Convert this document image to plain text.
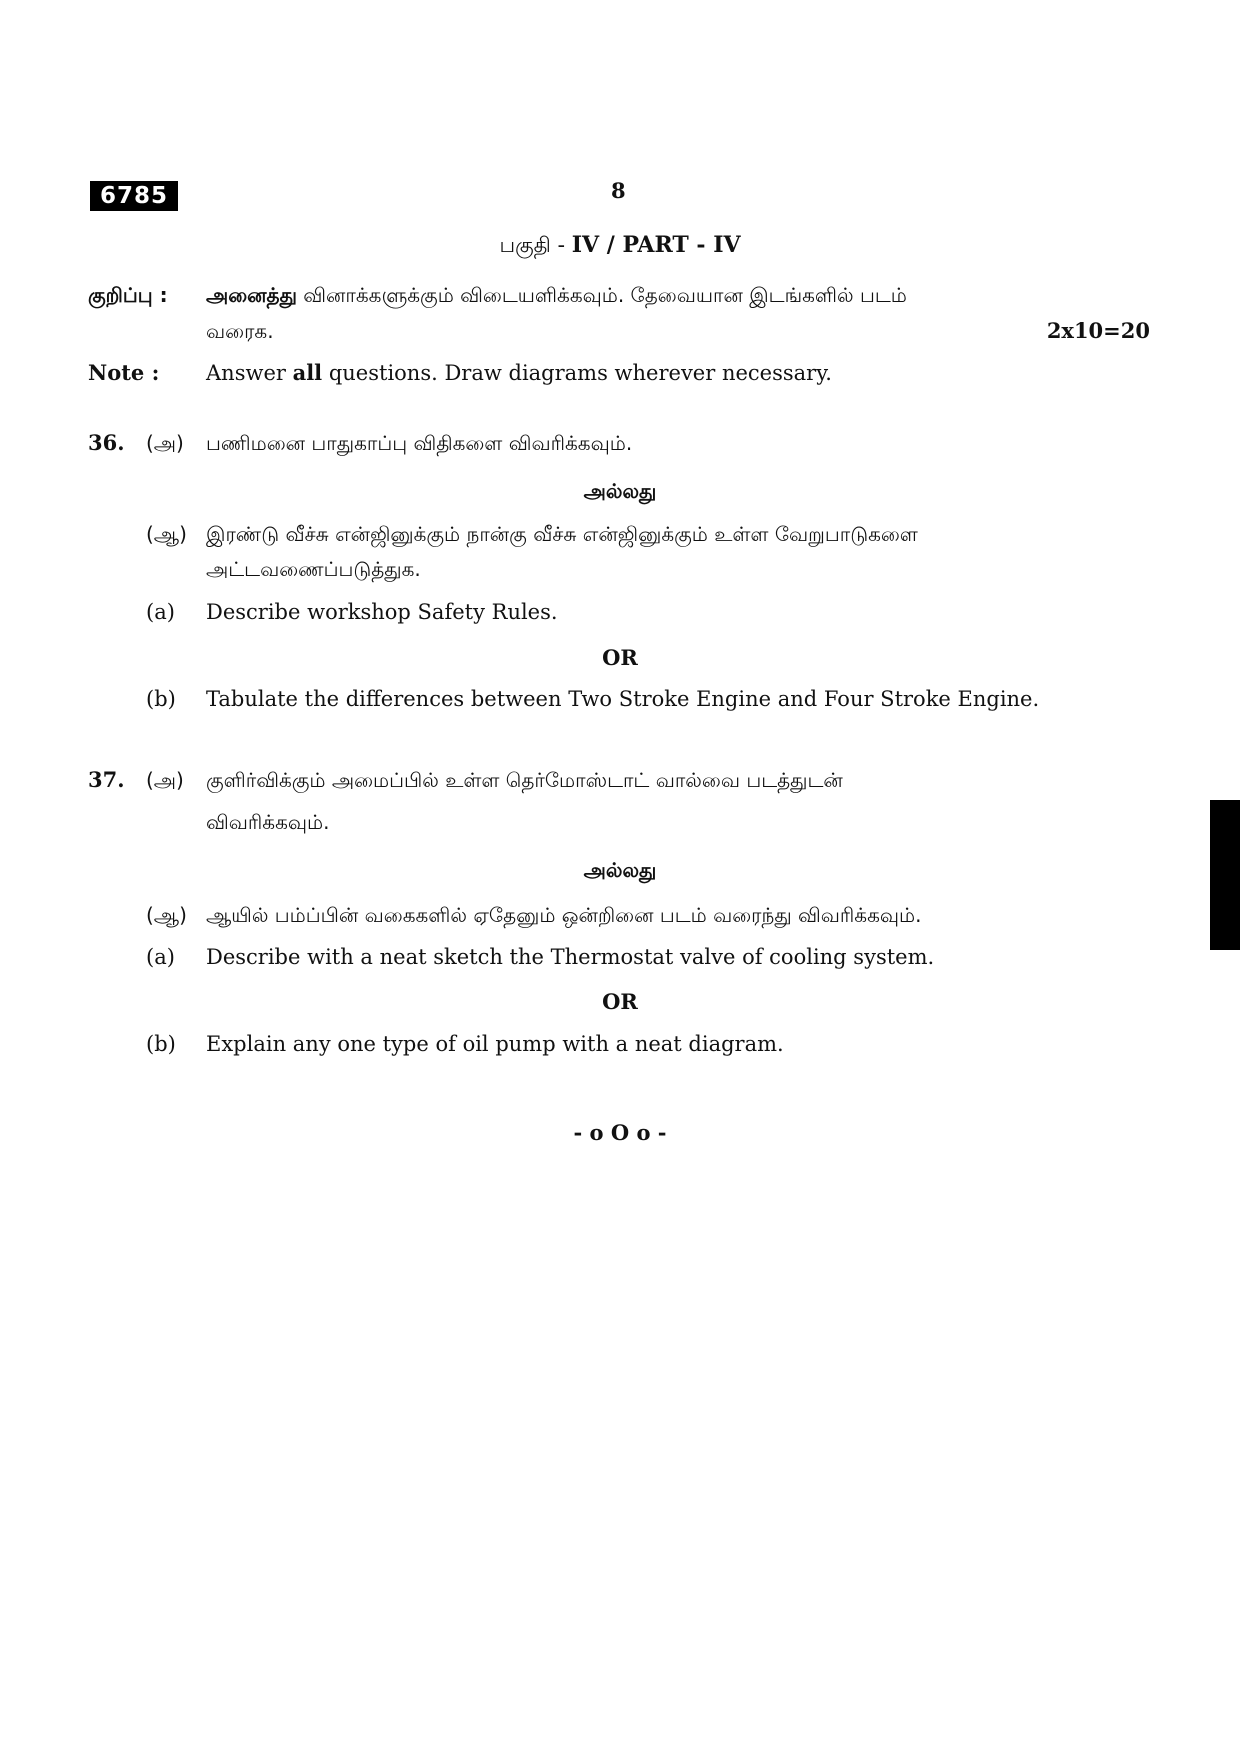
6785	8
பகுதி - IV / PART - IV
குறிப்பு : அனைத்து வினாக்களுக்கும் விடையளிக்கவும். தேவையான இடங்களில் படம்
வரைக.	2x10=20
Note : Answer all questions. Draw diagrams wherever necessary.
36. (அ) பணிமனை பாதுகாப்பு விதிகளை விவரிக்கவும்.
அல்லது
(ஆ) இரண்டு வீச்சு என்ஜினுக்கும் நான்கு வீச்சு என்ஜினுக்கும் உள்ள வேறுபாடுகளை
அட்டவணைப்படுத்துக.
(a) Describe workshop Safety Rules.
OR
(b) Tabulate the differences between Two Stroke Engine and Four Stroke Engine.
37. (அ) குளிர்விக்கும் அமைப்பில் உள்ள தெர்மோஸ்டாட் வால்வை படத்துடன்
விவரிக்கவும்.
அல்லது
(ஆ) ஆயில் பம்ப்பின் வகைகளில் ஏதேனும் ஒன்றினை படம் வரைந்து விவரிக்கவும்.
(a) Describe with a neat sketch the Thermostat valve of cooling system.
OR
(b) Explain any one type of oil pump with a neat diagram.
- o O o -
